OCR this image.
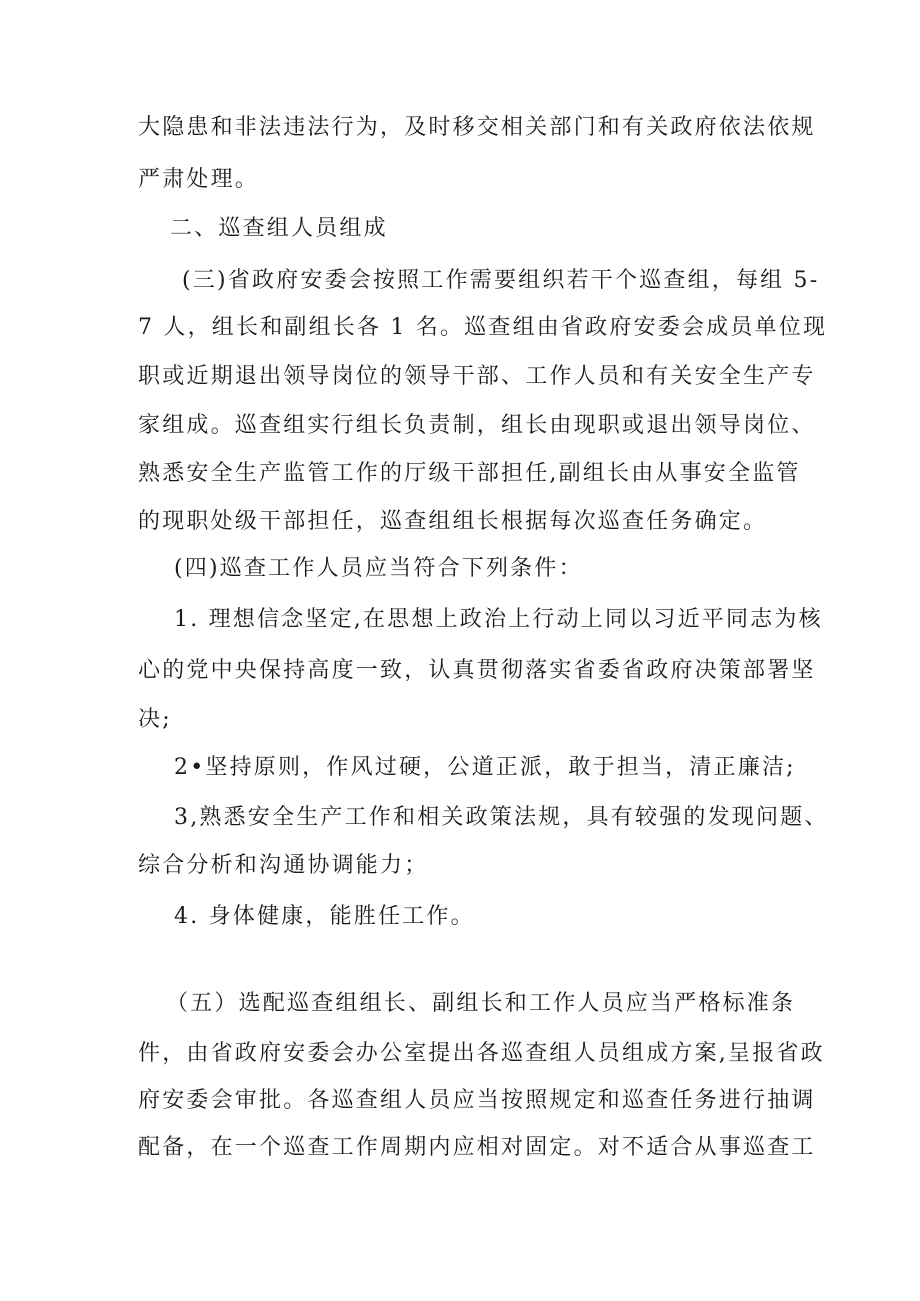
大隐患和非法违法行为，及时移交相关部门和有关政府依法依规
严肃处理。
二、巡查组人员组成
(三)省政府安委会按照工作需要组织若干个巡查组，每组 5-
7 人，组长和副组长各 1 名。巡查组由省政府安委会成员单位现
职或近期退出领导岗位的领导干部、工作人员和有关安全生产专
家组成。巡查组实行组长负责制，组长由现职或退出领导岗位、
熟悉安全生产监管工作的厅级干部担任,副组长由从事安全监管
的现职处级干部担任，巡查组组长根据每次巡查任务确定。
(四)巡查工作人员应当符合下列条件：
1. 理想信念坚定,在思想上政治上行动上同以习近平同志为核
心的党中央保持高度一致，认真贯彻落实省委省政府决策部署坚
决;
2•坚持原则，作风过硬，公道正派，敢于担当，清正廉洁;
3,熟悉安全生产工作和相关政策法规，具有较强的发现问题、
综合分析和沟通协调能力；
4. 身体健康，能胜任工作。
（五）选配巡查组组长、副组长和工作人员应当严格标准条
件，由省政府安委会办公室提出各巡查组人员组成方案,呈报省政
府安委会审批。各巡查组人员应当按照规定和巡查任务进行抽调
配备，在一个巡查工作周期内应相对固定。对不适合从事巡查工
